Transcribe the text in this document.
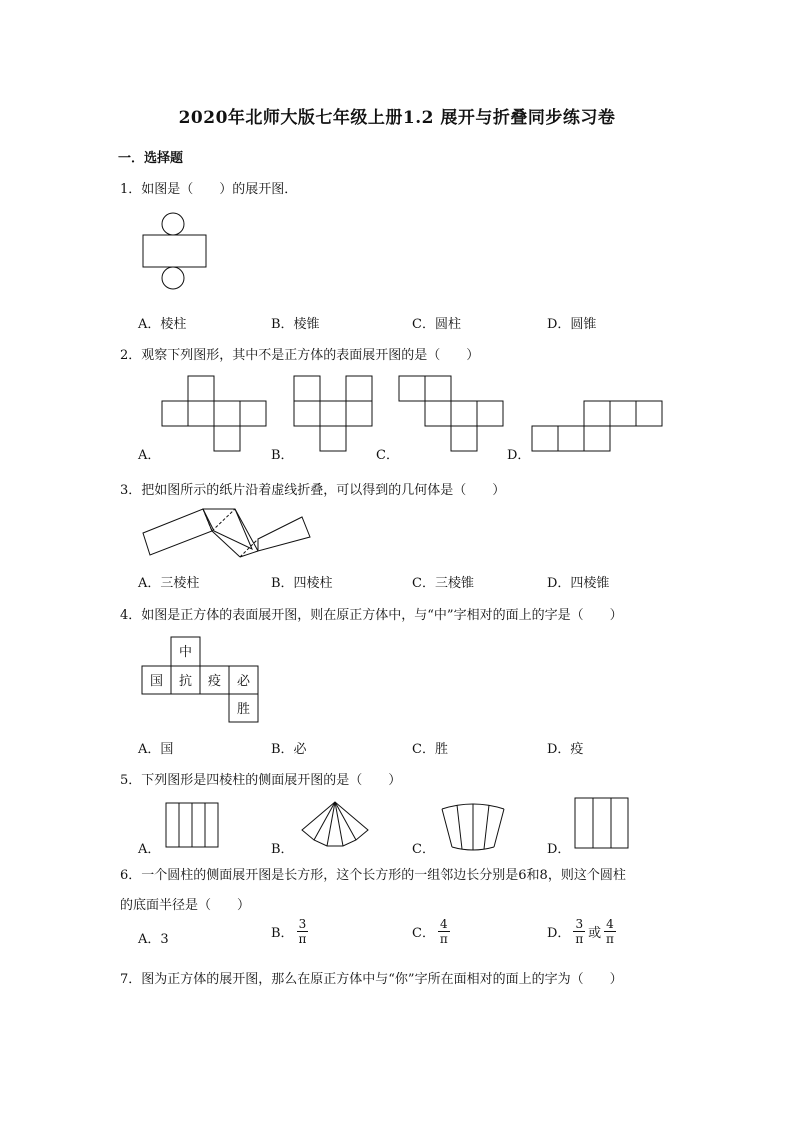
2020年北师大版七年级上册1.2 展开与折叠同步练习卷
一．选择题
1．如图是（　　）的展开图．
A．棱柱	B．棱锥	C．圆柱	D．圆锥
2．观察下列图形，其中不是正方体的表面展开图的是（　　）
A．	B．	C．	D．
3．把如图所示的纸片沿着虚线折叠，可以得到的几何体是（　　）
A．三棱柱	B．四棱柱	C．三棱锥	D．四棱锥
4．如图是正方体的表面展开图，则在原正方体中，与“中”字相对的面上的字是（　　）
中
国 抗 疫 必
胜
A．国	B．必	C．胜	D．疫
5．下列图形是四棱柱的侧面展开图的是（　　）
A．	B．	C．	D．
6．一个圆柱的侧面展开图是长方形，这个长方形的一组邻边长分别是6和8，则这个圆柱
的底面半径是（　　）
A．3	B． $\frac{3}{\pi}$	C． $\frac{4}{\pi}$	D． $\frac{3}{\pi}$ 或 $\frac{4}{\pi}$
7．图为正方体的展开图，那么在原正方体中与“你”字所在面相对的面上的字为（　　）
